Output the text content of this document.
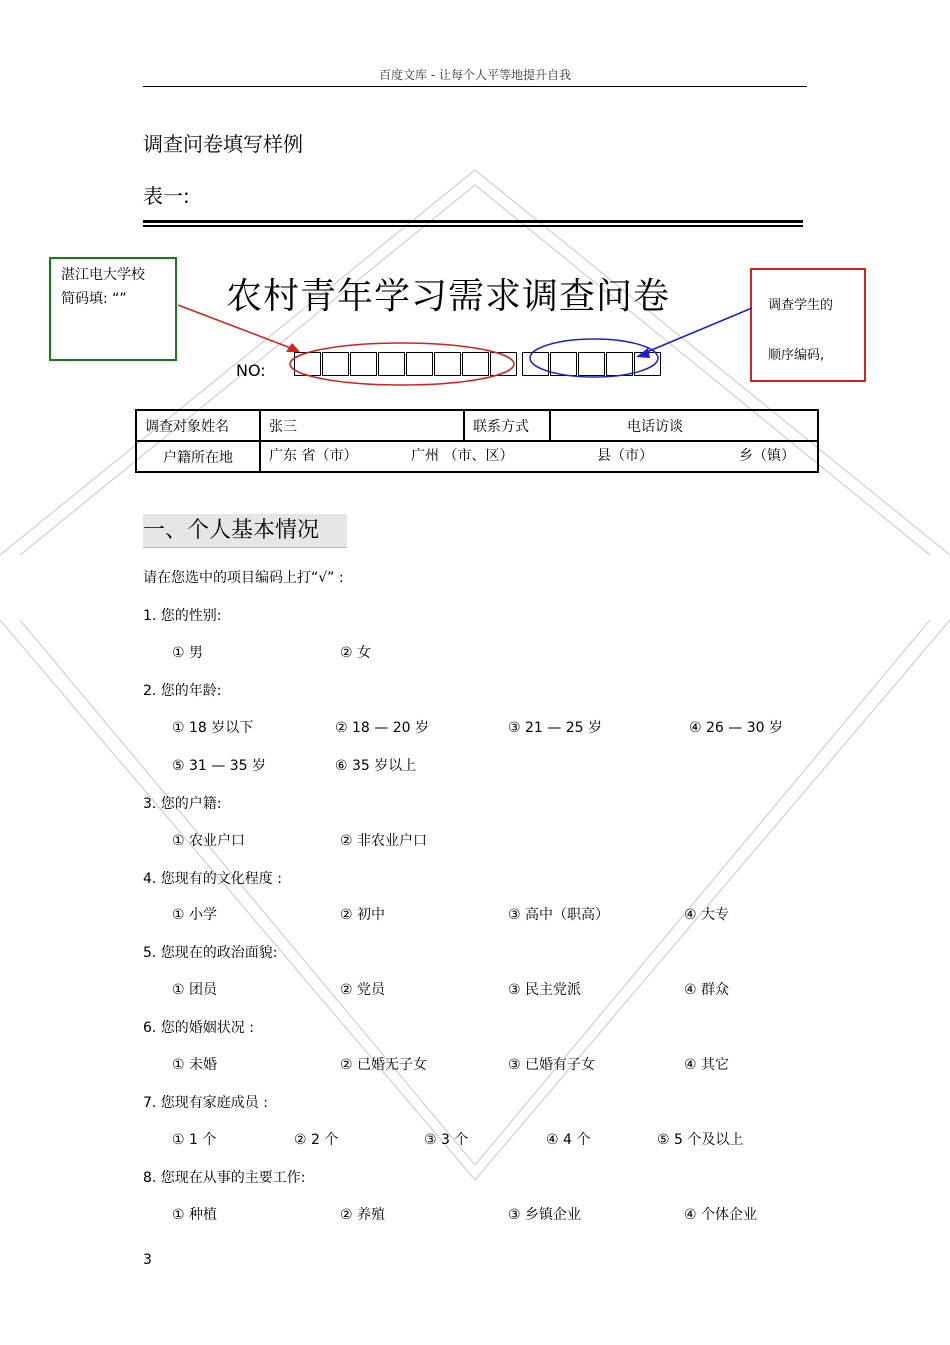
百度文库 - 让每个人平等地提升自我
调查问卷填写样例
表一:
湛江电大学校
简码填: “”	农村青年学习需求调查问卷	调查学生的
顺序编码,
NO:
调查对象姓名	张三	联系方式	电话访谈
户籍所在地	广东 省（市） 广州 （市、区） 县（市） 乡（镇）		
一、个人基本情况
请在您选中的项目编码上打“√” :
1. 您的性别:
① 男	② 女
2. 您的年龄:
① 18 岁以下	② 18 — 20 岁	③ 21 — 25 岁	④ 26 — 30 岁
⑤ 31 — 35 岁	⑥ 35 岁以上
3. 您的户籍:
① 农业户口	② 非农业户口
4. 您现有的文化程度 :
① 小学	② 初中	③ 高中（职高）	④ 大专
5. 您现在的政治面貌:
① 团员	② 党员	③ 民主党派	④ 群众
6. 您的婚姻状况 :
① 未婚	② 已婚无子女	③ 已婚有子女	④ 其它
7. 您现有家庭成员 :
① 1 个	② 2 个	③ 3 个	④ 4 个	⑤ 5 个及以上
8. 您现在从事的主要工作:
① 种植	② 养殖	③ 乡镇企业	④ 个体企业
3
